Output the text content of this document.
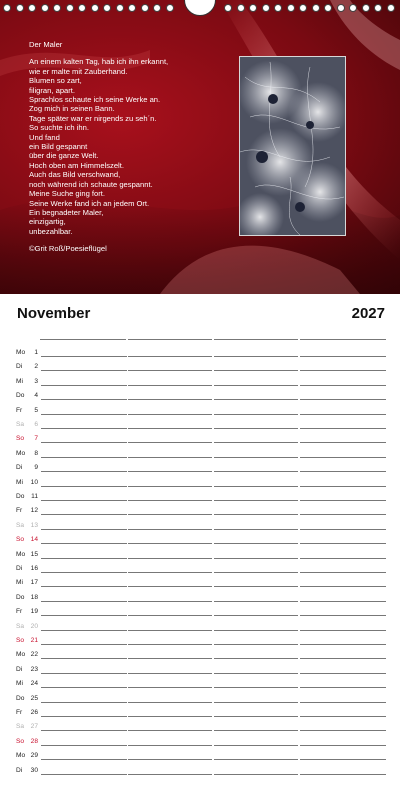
Der Maler
An einem kalten Tag, hab ich ihn erkannt,
wie er malte mit Zauberhand.
Blumen so zart,
filigran, apart.
Sprachlos schaute ich seine Werke an.
Zog mich in seinen Bann.
Tage später war er nirgends zu seh´n.
So suchte ich ihn.
Und fand
ein Bild gespannt
über die ganze Welt.
Hoch oben am Himmelszelt.
Auch das Bild verschwand,
noch während ich schaute gespannt.
Meine Suche ging fort.
Seine Werke fand ich an jedem Ort.
Ein begnadeter Maler,
einzigartig,
unbezahlbar.
©Grit Roß/Poesieflügel
November	2027
Mo	1
Di	2
Mi	3
Do	4
Fr	5
Sa	6
So	7
Mo	8
Di	9
Mi	10
Do	11
Fr	12
Sa 13
So 14
Mo 15
Di	16
Mi	17
Do 18
Fr	19
Sa 20
So 21
Mo 22
Di	23
Mi	24
Do 25
Fr	26
Sa 27
So 28
Mo 29
Di	30
